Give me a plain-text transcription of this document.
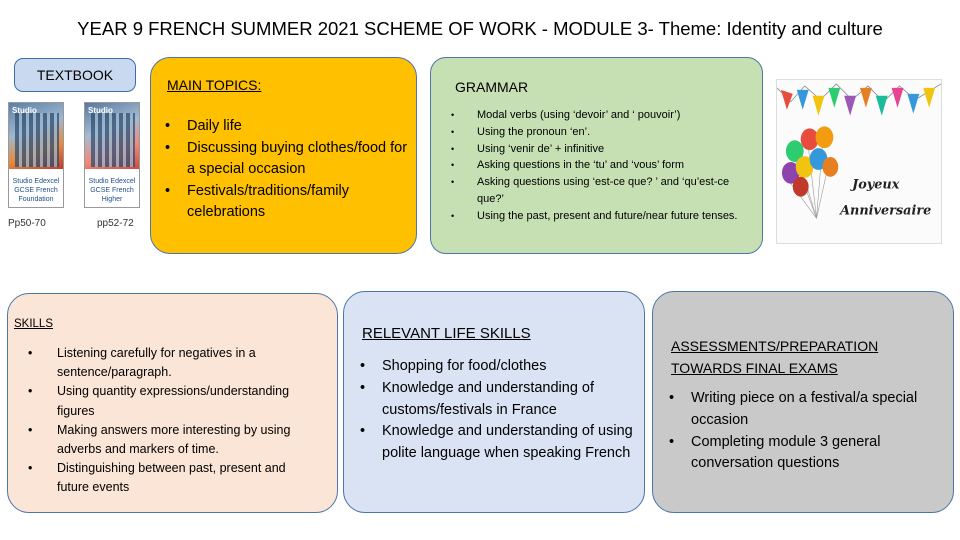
YEAR 9 FRENCH SUMMER 2021 SCHEME OF WORK - MODULE 3- Theme: Identity and culture
TEXTBOOK
Studio
Studio Edexcel GCSE French Foundation
Pp50-70
Studio
Studio Edexcel GCSE French Higher
pp52-72
MAIN TOPICS:
• Daily life
• Discussing buying clothes/food for a special occasion
• Festivals/traditions/family celebrations
GRAMMAR
• Modal verbs (using ‘devoir’ and ‘ pouvoir’)
• Using the pronoun ‘en’.
• Using ‘venir de’ + infinitive
• Asking questions in the ‘tu’ and ‘vous’ form
• Asking questions using ‘est-ce que? ’ and ‘qu’est-ce que?’
• Using the past, present and future/near future tenses.
Joyeux
Anniversaire
SKILLS
• Listening carefully for negatives in a sentence/paragraph.
• Using quantity expressions/understanding figures
• Making answers more interesting by using adverbs and markers of time.
• Distinguishing between past, present and future events
RELEVANT LIFE SKILLS
• Shopping for food/clothes
• Knowledge and understanding of customs/festivals in France
• Knowledge and understanding of using polite language when speaking French
ASSESSMENTS/PREPARATION TOWARDS FINAL EXAMS
• Writing piece on a festival/a special occasion
• Completing module 3 general conversation questions
